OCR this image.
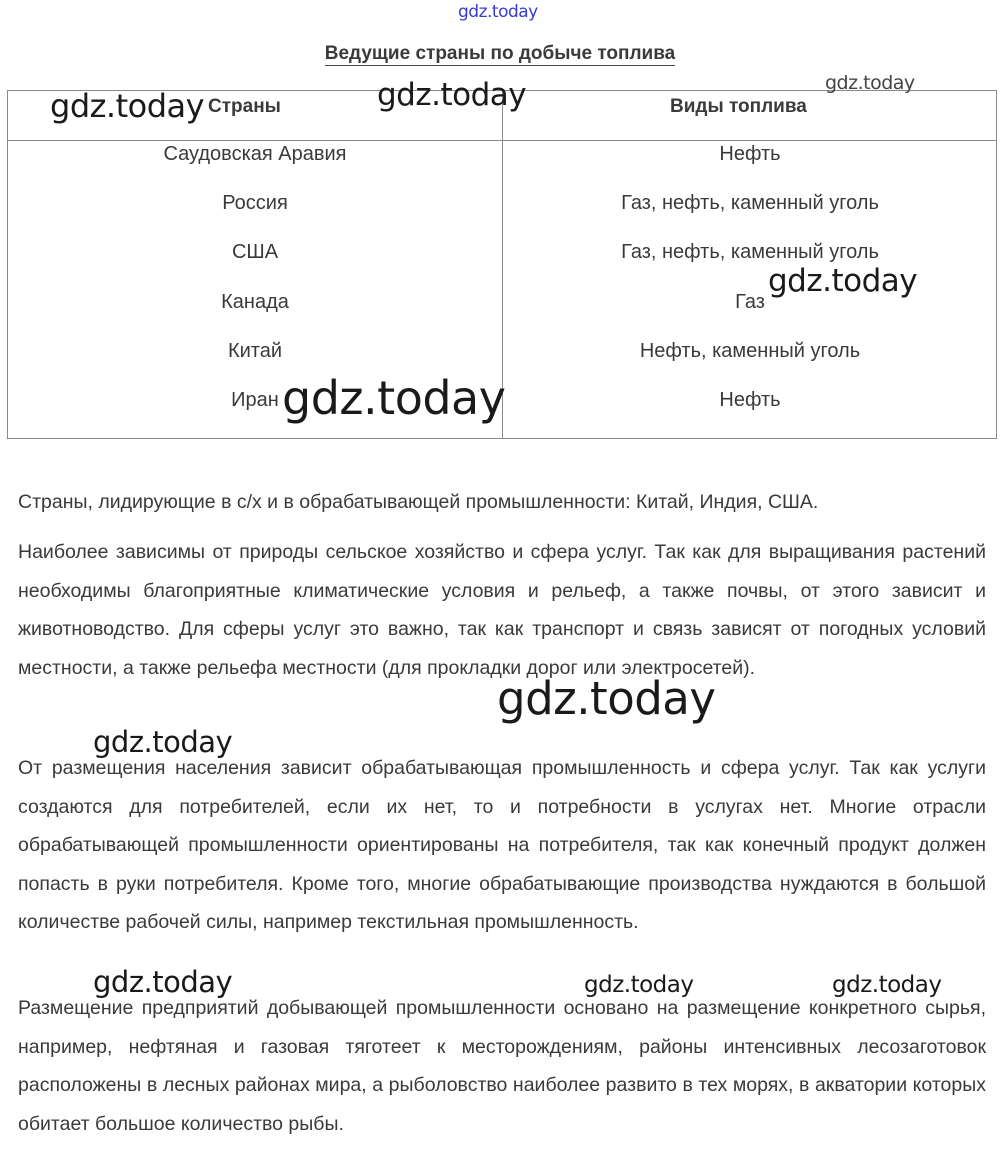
gdz.today
gdz.today	gdz.today	gdz.today
gdz.today
gdz.today
gdz.today
gdz.today
gdz.today	gdz.today	gdz.today
Ведущие страны по добыче топлива
Страны	Виды топлива
Саудовская Аравия	Нефть
Россия	Газ, нефть, каменный уголь
США	Газ, нефть, каменный уголь
Канада	Газ
Китай	Нефть, каменный уголь
Иран	Нефть

Страны, лидирующие в с/х и в обрабатывающей промышленности: Китай, Индия, США.

Наиболее зависимы от природы сельское хозяйство и сфера услуг. Так как для выращивания растений необходимы благоприятные климатические условия и рельеф, а также почвы, от этого зависит и животноводство. Для сферы услуг это важно, так как транспорт и связь зависят от погодных условий местности, а также рельефа местности (для прокладки дорог или электросетей).

От размещения населения зависит обрабатывающая промышленность и сфера услуг. Так как услуги создаются для потребителей, если их нет, то и потребности в услугах нет. Многие отрасли обрабатывающей промышленности ориентированы на потребителя, так как конечный продукт должен попасть в руки потребителя. Кроме того, многие обрабатывающие производства нуждаются в большой количестве рабочей силы, например текстильная промышленность.

Размещение предприятий добывающей промышленности основано на размещение конкретного сырья, например, нефтяная и газовая тяготеет к месторождениям, районы интенсивных лесозаготовок расположены в лесных районах мира, а рыболовство наиболее развито в тех морях, в акватории которых обитает большое количество рыбы.
